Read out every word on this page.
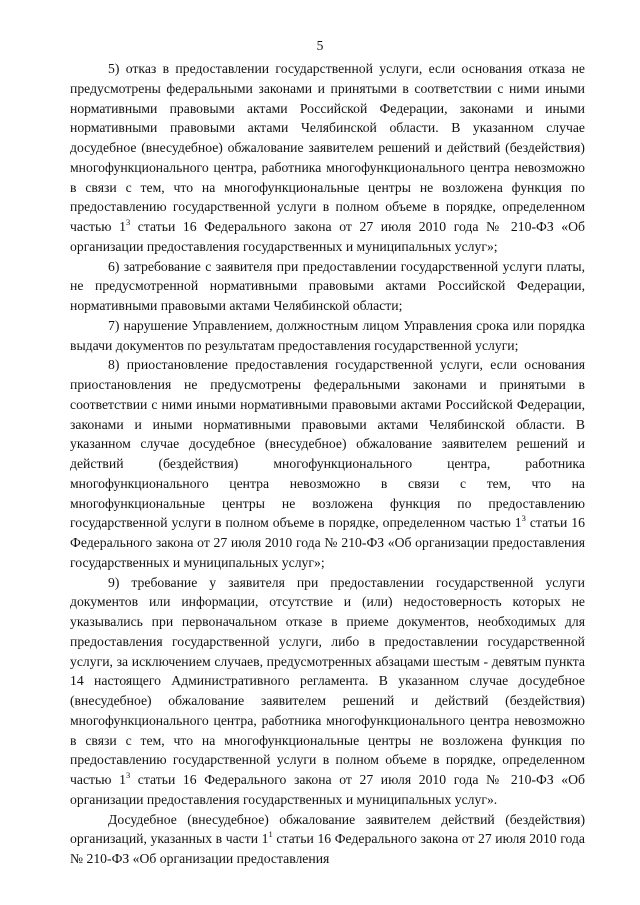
5

5) отказ в предоставлении государственной услуги, если основания отказа не предусмотрены федеральными законами и принятыми в соответствии с ними иными нормативными правовыми актами Российской Федерации, законами и иными нормативными правовыми актами Челябинской области. В указанном случае досудебное (внесудебное) обжалование заявителем решений и действий (бездействия) многофункционального центра, работника многофункционального центра невозможно в связи с тем, что на многофункциональные центры не возложена функция по предоставлению государственной услуги в полном объеме в порядке, определенном частью $1^3$ статьи 16 Федерального закона от 27 июля 2010 года № 210-ФЗ «Об организации предоставления государственных и муниципальных услуг»;

6) затребование с заявителя при предоставлении государственной услуги платы, не предусмотренной нормативными правовыми актами Российской Федерации, нормативными правовыми актами Челябинской области;

7) нарушение Управлением, должностным лицом Управления срока или порядка выдачи документов по результатам предоставления государственной услуги;

8) приостановление предоставления государственной услуги, если основания приостановления не предусмотрены федеральными законами и принятыми в соответствии с ними иными нормативными правовыми актами Российской Федерации, законами и иными нормативными правовыми актами Челябинской области. В указанном случае досудебное (внесудебное) обжалование заявителем решений и действий (бездействия) многофункционального центра, работника многофункционального центра невозможно в связи с тем, что на многофункциональные центры не возложена функция по предоставлению государственной услуги в полном объеме в порядке, определенном частью $1^3$ статьи 16 Федерального закона от 27 июля 2010 года № 210-ФЗ «Об организации предоставления государственных и муниципальных услуг»;

9) требование у заявителя при предоставлении государственной услуги документов или информации, отсутствие и (или) недостоверность которых не указывались при первоначальном отказе в приеме документов, необходимых для предоставления государственной услуги, либо в предоставлении государственной услуги, за исключением случаев, предусмотренных абзацами шестым - девятым пункта 14 настоящего Административного регламента. В указанном случае досудебное (внесудебное) обжалование заявителем решений и действий (бездействия) многофункционального центра, работника многофункционального центра невозможно в связи с тем, что на многофункциональные центры не возложена функция по предоставлению государственной услуги в полном объеме в порядке, определенном частью $1^3$ статьи 16 Федерального закона от 27 июля 2010 года № 210-ФЗ «Об организации предоставления государственных и муниципальных услуг».

Досудебное (внесудебное) обжалование заявителем действий (бездействия) организаций, указанных в части $1^1$ статьи 16 Федерального закона от 27 июля 2010 года № 210-ФЗ «Об организации предоставления
